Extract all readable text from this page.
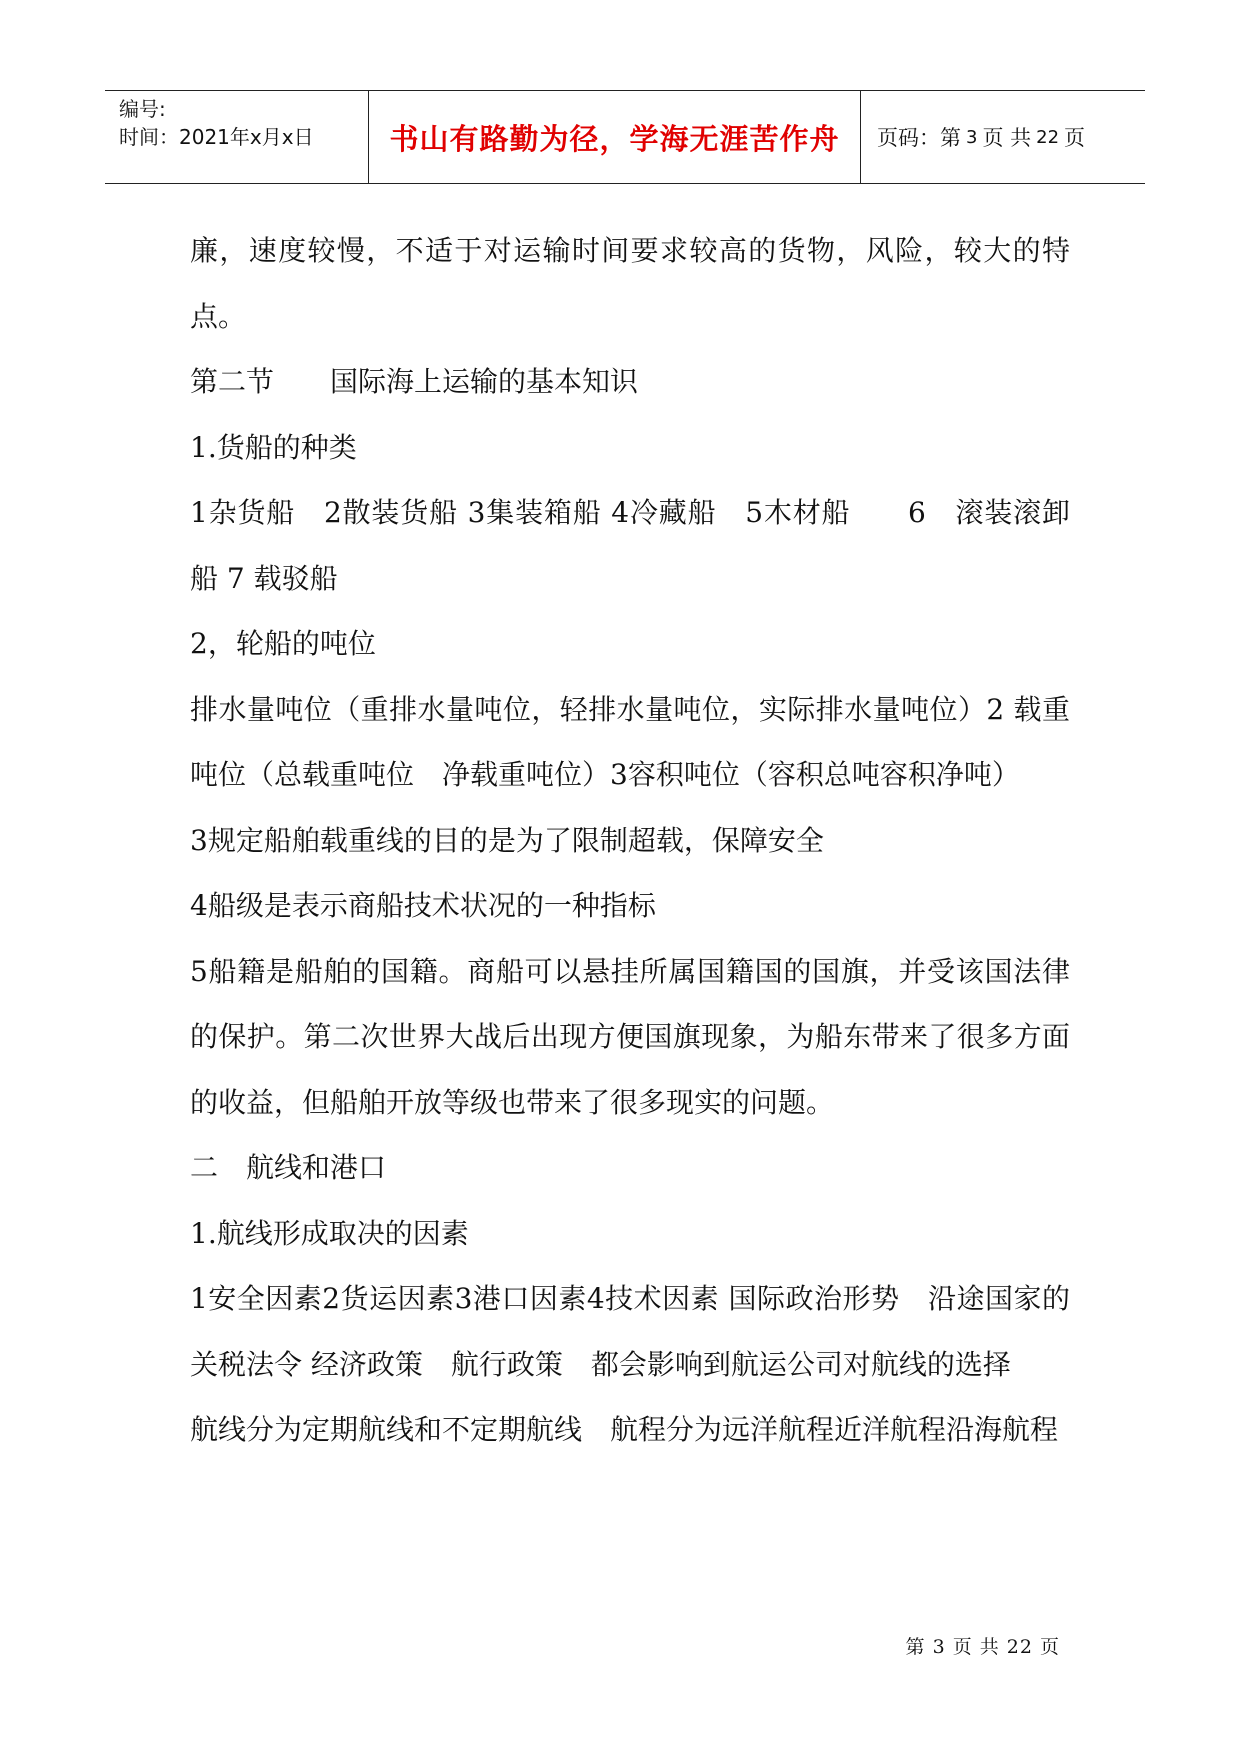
编号:
时间：2021年x月x日	书山有路勤为径，学海无涯苦作舟	页码：第 3 页 共 22 页

廉，速度较慢，不适于对运输时间要求较高的货物，风险，较大的特点。

第二节　　国际海上运输的基本知识

1.货船的种类

1杂货船　2散装货船 3集装箱船 4冷藏船　5木材船　　6　滚装滚卸船 7 载驳船

2，轮船的吨位

排水量吨位（重排水量吨位，轻排水量吨位，实际排水量吨位）2 载重吨位（总载重吨位　净载重吨位）3容积吨位（容积总吨容积净吨）

3规定船舶载重线的目的是为了限制超载，保障安全

4船级是表示商船技术状况的一种指标

5船籍是船舶的国籍。商船可以悬挂所属国籍国的国旗，并受该国法律的保护。第二次世界大战后出现方便国旗现象，为船东带来了很多方面的收益，但船舶开放等级也带来了很多现实的问题。

二　航线和港口

1.航线形成取决的因素

1安全因素2货运因素3港口因素4技术因素 国际政治形势　沿途国家的关税法令 经济政策　航行政策　都会影响到航运公司对航线的选择

航线分为定期航线和不定期航线　航程分为远洋航程近洋航程沿海航程

第 3 页 共 22 页
